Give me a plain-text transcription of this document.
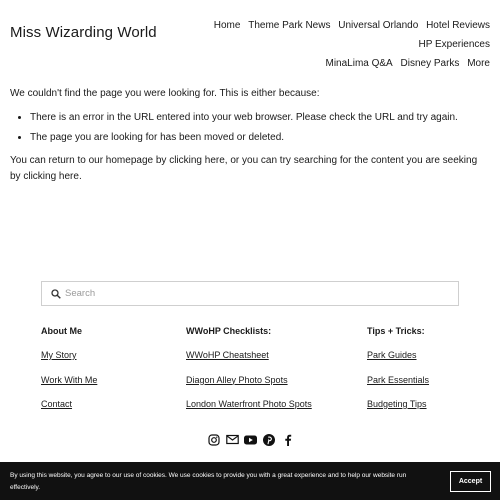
Miss Wizarding World	Home Theme Park News Universal Orlando Hotel Reviews HP Experiences
MinaLima Q&A Disney Parks More

We couldn't find the page you were looking for. This is either because:

• There is an error in the URL entered into your web browser. Please check the URL and try again.
• The page you are looking for has been moved or deleted.

You can return to our homepage by clicking here, or you can try searching for the content you are seeking by clicking here.

Search
About Me
My Story
Work With Me
Contact
WWoHP Checklists:
WWoHP Cheatsheet
Diagon Alley Photo Spots
London Waterfront Photo Spots
Tips + Tricks:
Park Guides
Park Essentials
Budgeting Tips
By using this website, you agree to our use of cookies. We use cookies to provide you with a great experience and to help our website run effectively.
Accept
